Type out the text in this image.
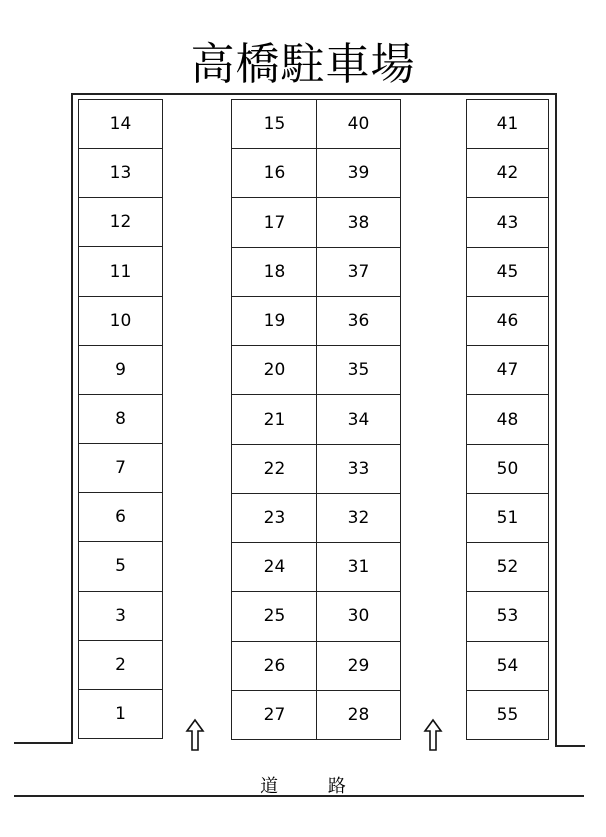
高橋駐車場
14
13
12
11
10
9
8
7
6
5
3
2
1
15
16
17
18
19
20
21
22
23
24
25
26
27
40
39
38
37
36
35
34
33
32
31
30
29
28
41
42
43
45
46
47
48
50
51
52
53
54
55
道 路
